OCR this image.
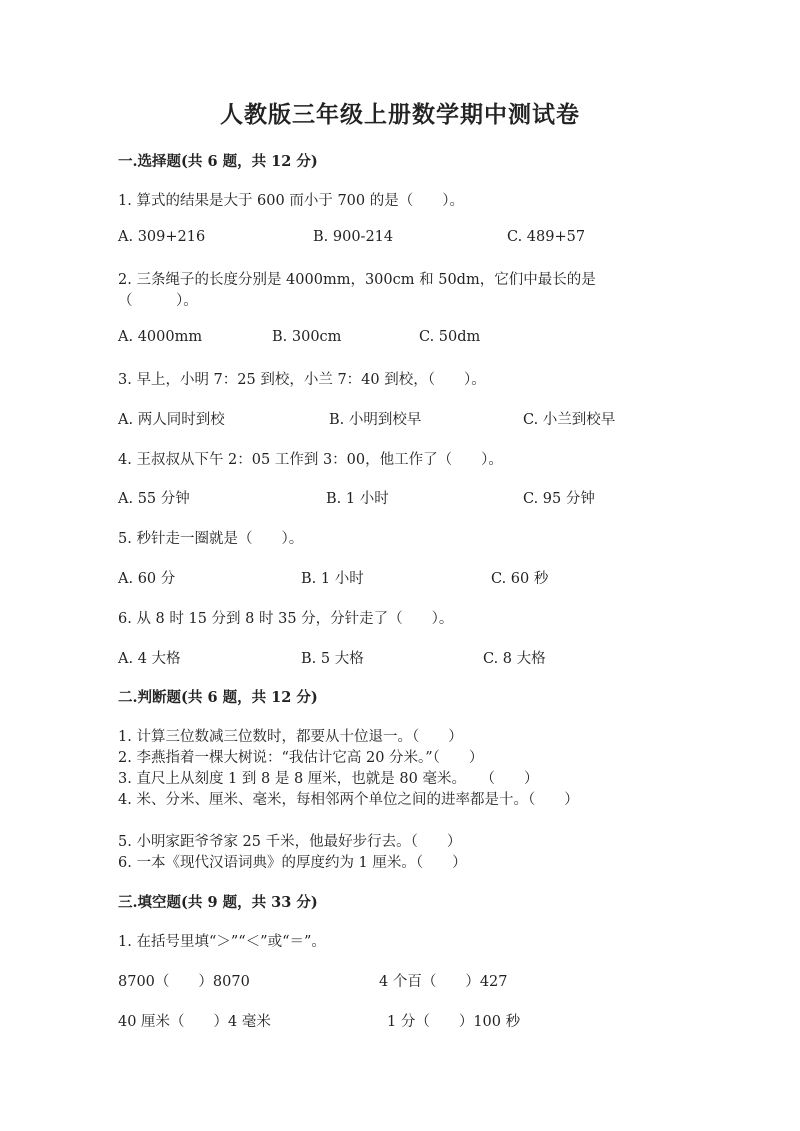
人教版三年级上册数学期中测试卷
一.选择题(共 6 题，共 12 分)
1. 算式的结果是大于 600 而小于 700 的是（　　）。
A. 309+216	B. 900-214	C. 489+57
2. 三条绳子的长度分别是 4000mm，300cm 和 50dm，它们中最长的是
（　　　）。
A. 4000mm	B. 300cm	C. 50dm
3. 早上，小明 7：25 到校，小兰 7：40 到校，（　　）。
A. 两人同时到校	B. 小明到校早	C. 小兰到校早
4. 王叔叔从下午 2：05 工作到 3：00，他工作了（　　）。
A. 55 分钟	B. 1 小时	C. 95 分钟
5. 秒针走一圈就是（　　）。
A. 60 分	B. 1 小时	C. 60 秒
6. 从 8 时 15 分到 8 时 35 分，分针走了（　　）。
A. 4 大格	B. 5 大格	C. 8 大格
二.判断题(共 6 题，共 12 分)
1. 计算三位数减三位数时，都要从十位退一。（　　）
2. 李燕指着一棵大树说：“我估计它高 20 分米。”（　　）
3. 直尺上从刻度 1 到 8 是 8 厘米，也就是 80 毫米。　　（　　）
4. 米、分米、厘米、毫米，每相邻两个单位之间的进率都是十。（　　）
5. 小明家距爷爷家 25 千米，他最好步行去。（　　）
6. 一本《现代汉语词典》的厚度约为 1 厘米。（　　）
三.填空题(共 9 题，共 33 分)
1. 在括号里填“＞”“＜”或“＝”。
8700（　　）8070	4 个百（　　）427
40 厘米（　　）4 毫米	1 分（　　）100 秒
